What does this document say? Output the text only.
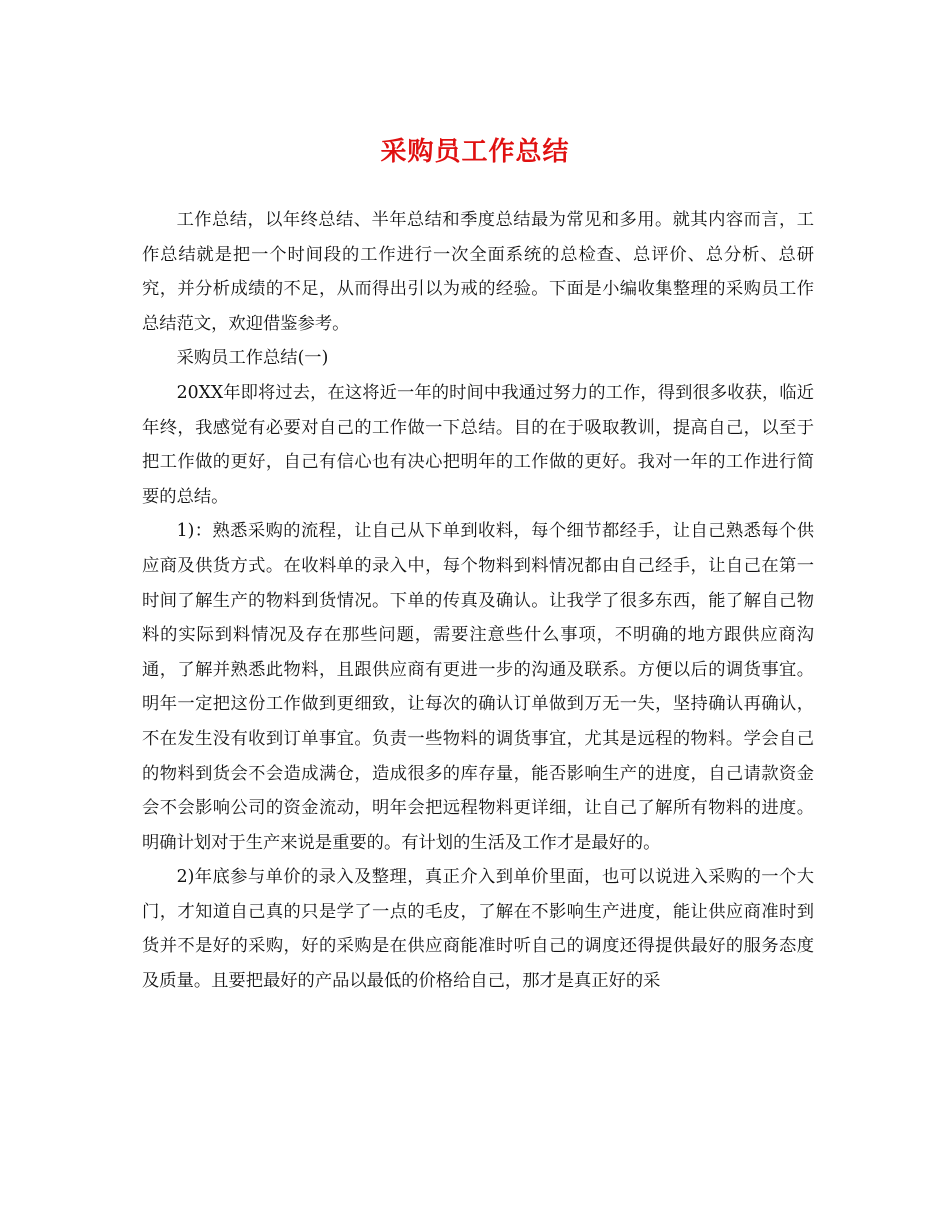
采购员工作总结

工作总结，以年终总结、半年总结和季度总结最为常见和多用。就其内容而言，工作总结就是把一个时间段的工作进行一次全面系统的总检查、总评价、总分析、总研究，并分析成绩的不足，从而得出引以为戒的经验。下面是小编收集整理的采购员工作总结范文，欢迎借鉴参考。

采购员工作总结(一)

20XX年即将过去，在这将近一年的时间中我通过努力的工作，得到很多收获，临近年终，我感觉有必要对自己的工作做一下总结。目的在于吸取教训，提高自己，以至于把工作做的更好，自己有信心也有决心把明年的工作做的更好。我对一年的工作进行简要的总结。

1)：熟悉采购的流程，让自己从下单到收料，每个细节都经手，让自己熟悉每个供应商及供货方式。在收料单的录入中，每个物料到料情况都由自己经手，让自己在第一时间了解生产的物料到货情况。下单的传真及确认。让我学了很多东西，能了解自己物料的实际到料情况及存在那些问题，需要注意些什么事项，不明确的地方跟供应商沟通，了解并熟悉此物料，且跟供应商有更进一步的沟通及联系。方便以后的调货事宜。明年一定把这份工作做到更细致，让每次的确认订单做到万无一失，坚持确认再确认，不在发生没有收到订单事宜。负责一些物料的调货事宜，尤其是远程的物料。学会自己的物料到货会不会造成满仓，造成很多的库存量，能否影响生产的进度，自己请款资金会不会影响公司的资金流动，明年会把远程物料更详细，让自己了解所有物料的进度。明确计划对于生产来说是重要的。有计划的生活及工作才是最好的。

2)年底参与单价的录入及整理，真正介入到单价里面，也可以说进入采购的一个大门，才知道自己真的只是学了一点的毛皮，了解在不影响生产进度，能让供应商准时到货并不是好的采购，好的采购是在供应商能准时听自己的调度还得提供最好的服务态度及质量。且要把最好的产品以最低的价格给自己，那才是真正好的采
